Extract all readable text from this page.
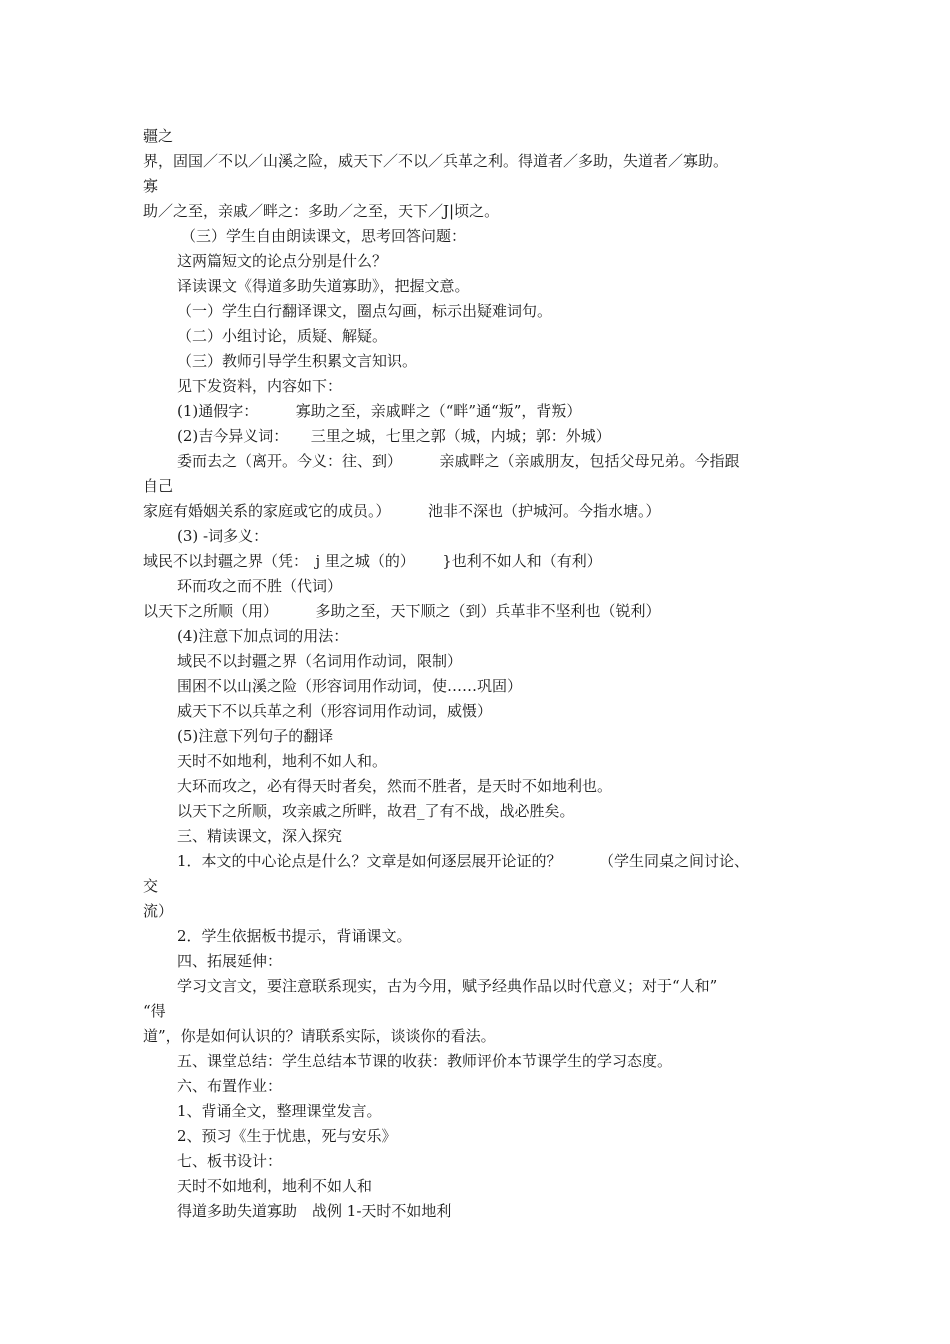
疆之

界，固国／不以／山溪之险，威天下／不以／兵革之利。得道者／多助，失道者／寡助。

寡

助／之至，亲戚／畔之：多助／之至，天下／J|顷之。

（三）学生自由朗读课文，思考回答问题：

这两篇短文的论点分别是什么？

译读课文《得道多助失道寡助》，把握文意。

（一）学生白行翻译课文，圈点勾画，标示出疑难词句。

（二）小组讨论，质疑、解疑。

（三）教师引导学生积累文言知识。

见下发资料，内容如下：

(1)通假字：　　　寡助之至，亲戚畔之（“畔”通“叛”，背叛）

(2)吉今异义词：　　三里之城，七里之郭（城，内城；郭：外城）

委而去之（离开。今义：往、到）　　　亲戚畔之（亲戚朋友，包括父母兄弟。今指跟

自己

家庭有婚姻关系的家庭或它的成员。）　　　池非不深也（护城河。今指水塘。）

(3) -词多义：

域民不以封疆之界（凭：　j 里之城（的）　　 }也利不如人和（有利）

环而攻之而不胜（代词）

以天下之所顺（用）　　　多助之至，天下顺之（到）兵革非不坚利也（锐利）

(4)注意下加点词的用法：

域民不以封疆之界（名词用作动词，限制）

围困不以山溪之险（形容词用作动词，使……巩固）

威天下不以兵革之利（形容词用作动词，威慑）

(5)注意下列句子的翻译

天时不如地利，地利不如人和。

大环而攻之，必有得天时者矣，然而不胜者，是天时不如地利也。

以天下之所顺，攻亲戚之所畔，故君_了有不战，战必胜矣。

三、精读课文，深入探究

1．本文的中心论点是什么？文章是如何逐层展开论证的？　　　（学生同桌之间讨论、

交

流）

2．学生依据板书提示，背诵课文。

四、拓展延伸：

学习文言文，要注意联系现实，古为今用，赋予经典作品以时代意义；对于“人和”

“得

道”，你是如何认识的？请联系实际，谈谈你的看法。

五、课堂总结：学生总结本节课的收获：教师评价本节课学生的学习态度。

六、布置作业：

1、背诵全文，整理课堂发言。

2、预习《生于忧患，死与安乐》

七、板书设计：

天时不如地利，地利不如人和

得道多助失道寡助　战例 1-天时不如地利
